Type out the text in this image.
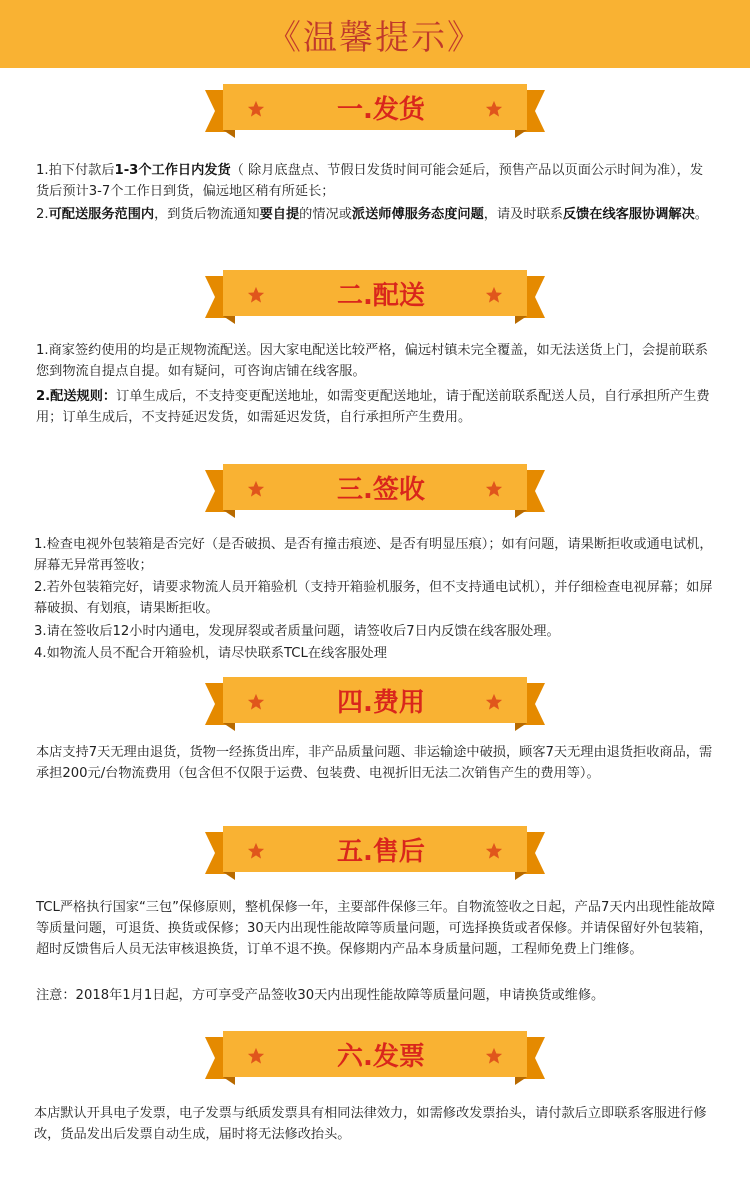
《温馨提示》
一.发货
二.配送
三.签收
四.费用
五.售后
六.发票

1.拍下付款后1-3个工作日内发货（ 除月底盘点、节假日发货时间可能会延后，预售产品以页面公示时间为准），发货后预计3-7个工作日到货，偏远地区稍有所延长；

2.可配送服务范围内，到货后物流通知要自提的情况或派送师傅服务态度问题，请及时联系反馈在线客服协调解决。

1.商家签约使用的均是正规物流配送。因大家电配送比较严格，偏远村镇未完全覆盖，如无法送货上门，会提前联系您到物流自提点自提。如有疑问，可咨询店铺在线客服。

2.配送规则：订单生成后，不支持变更配送地址，如需变更配送地址，请于配送前联系配送人员，自行承担所产生费用；订单生成后，不支持延迟发货，如需延迟发货，自行承担所产生费用。

1.检查电视外包装箱是否完好（是否破损、是否有撞击痕迹、是否有明显压痕）；如有问题，请果断拒收或通电试机，屏幕无异常再签收；

2.若外包装箱完好，请要求物流人员开箱验机（支持开箱验机服务，但不支持通电试机），并仔细检查电视屏幕；如屏幕破损、有划痕，请果断拒收。

3.请在签收后12小时内通电，发现屏裂或者质量问题，请签收后7日内反馈在线客服处理。

4.如物流人员不配合开箱验机，请尽快联系TCL在线客服处理

本店支持7天无理由退货，货物一经拣货出库，非产品质量问题、非运输途中破损，顾客7天无理由退货拒收商品，需承担200元/台物流费用（包含但不仅限于运费、包装费、电视折旧无法二次销售产生的费用等）。

TCL严格执行国家“三包”保修原则，整机保修一年，主要部件保修三年。自物流签收之日起，产品7天内出现性能故障等质量问题，可退货、换货或保修；30天内出现性能故障等质量问题，可选择换货或者保修。并请保留好外包装箱，超时反馈售后人员无法审核退换货，订单不退不换。保修期内产品本身质量问题，工程师免费上门维修。

注意：2018年1月1日起，方可享受产品签收30天内出现性能故障等质量问题，申请换货或维修。

本店默认开具电子发票，电子发票与纸质发票具有相同法律效力，如需修改发票抬头，请付款后立即联系客服进行修改，货品发出后发票自动生成，届时将无法修改抬头。
